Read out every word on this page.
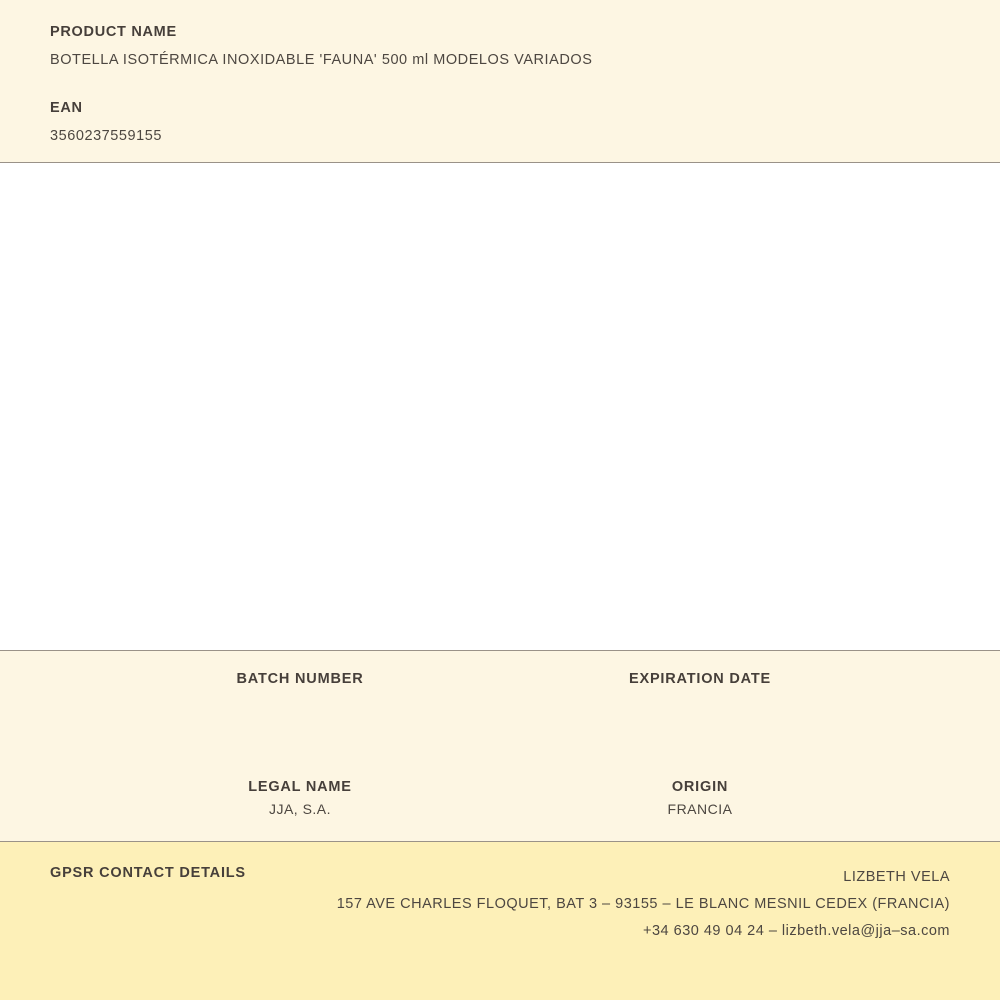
PRODUCT NAME

BOTELLA ISOTÉRMICA INOXIDABLE 'FAUNA' 500 ml MODELOS VARIADOS

EAN

3560237559155

BATCH NUMBER	EXPIRATION DATE

LEGAL NAME

JJA, S.A.

ORIGIN

FRANCIA

GPSR CONTACT DETAILS	LIZBETH VELA
157 AVE CHARLES FLOQUET, BAT 3 – 93155 – LE BLANC MESNIL CEDEX (FRANCIA)
+34 630 49 04 24 – lizbeth.vela@jja–sa.com
